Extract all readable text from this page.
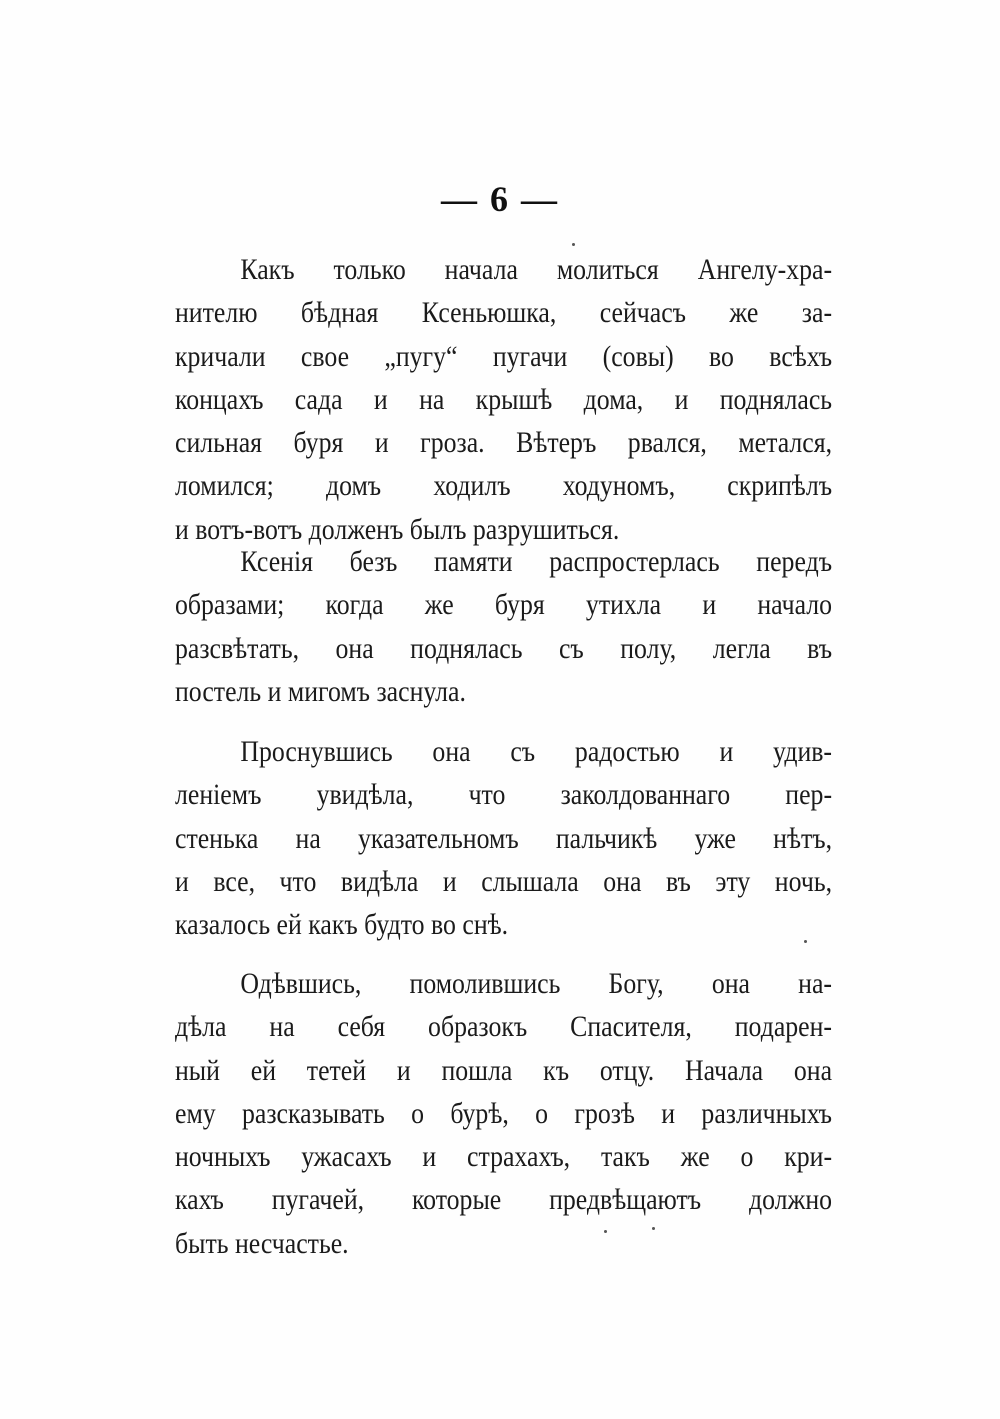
— 6 —
Какъ только начала молиться Ангелу-хра-
нителю бѣдная Ксеньюшка, сейчасъ же за-
кричали свое „пугу“ пугачи (совы) во всѣхъ
концахъ сада и на крышѣ дома, и поднялась
сильная буря и гроза. Вѣтеръ рвался, метался,
ломился; домъ ходилъ ходуномъ, скрипѣлъ
и вотъ-вотъ долженъ былъ разрушиться.
Ксенія безъ памяти распростерлась передъ
образами; когда же буря утихла и начало
разсвѣтать, она поднялась съ полу, легла въ
постель и мигомъ заснула.
Проснувшись она съ радостью и удив-
леніемъ увидѣла, что заколдованнаго пер-
стенька на указательномъ пальчикѣ уже нѣтъ,
и все, что видѣла и слышала она въ эту ночь,
казалось ей какъ будто во снѣ.
Одѣвшись, помолившись Богу, она на-
дѣла на себя образокъ Спасителя, подарен-
ный ей тетей и пошла къ отцу. Начала она
ему разсказывать о бурѣ, о грозѣ и различныхъ
ночныхъ ужасахъ и страхахъ, такъ же о кри-
кахъ пугачей, которые предвѣщаютъ должно
быть несчастье.
